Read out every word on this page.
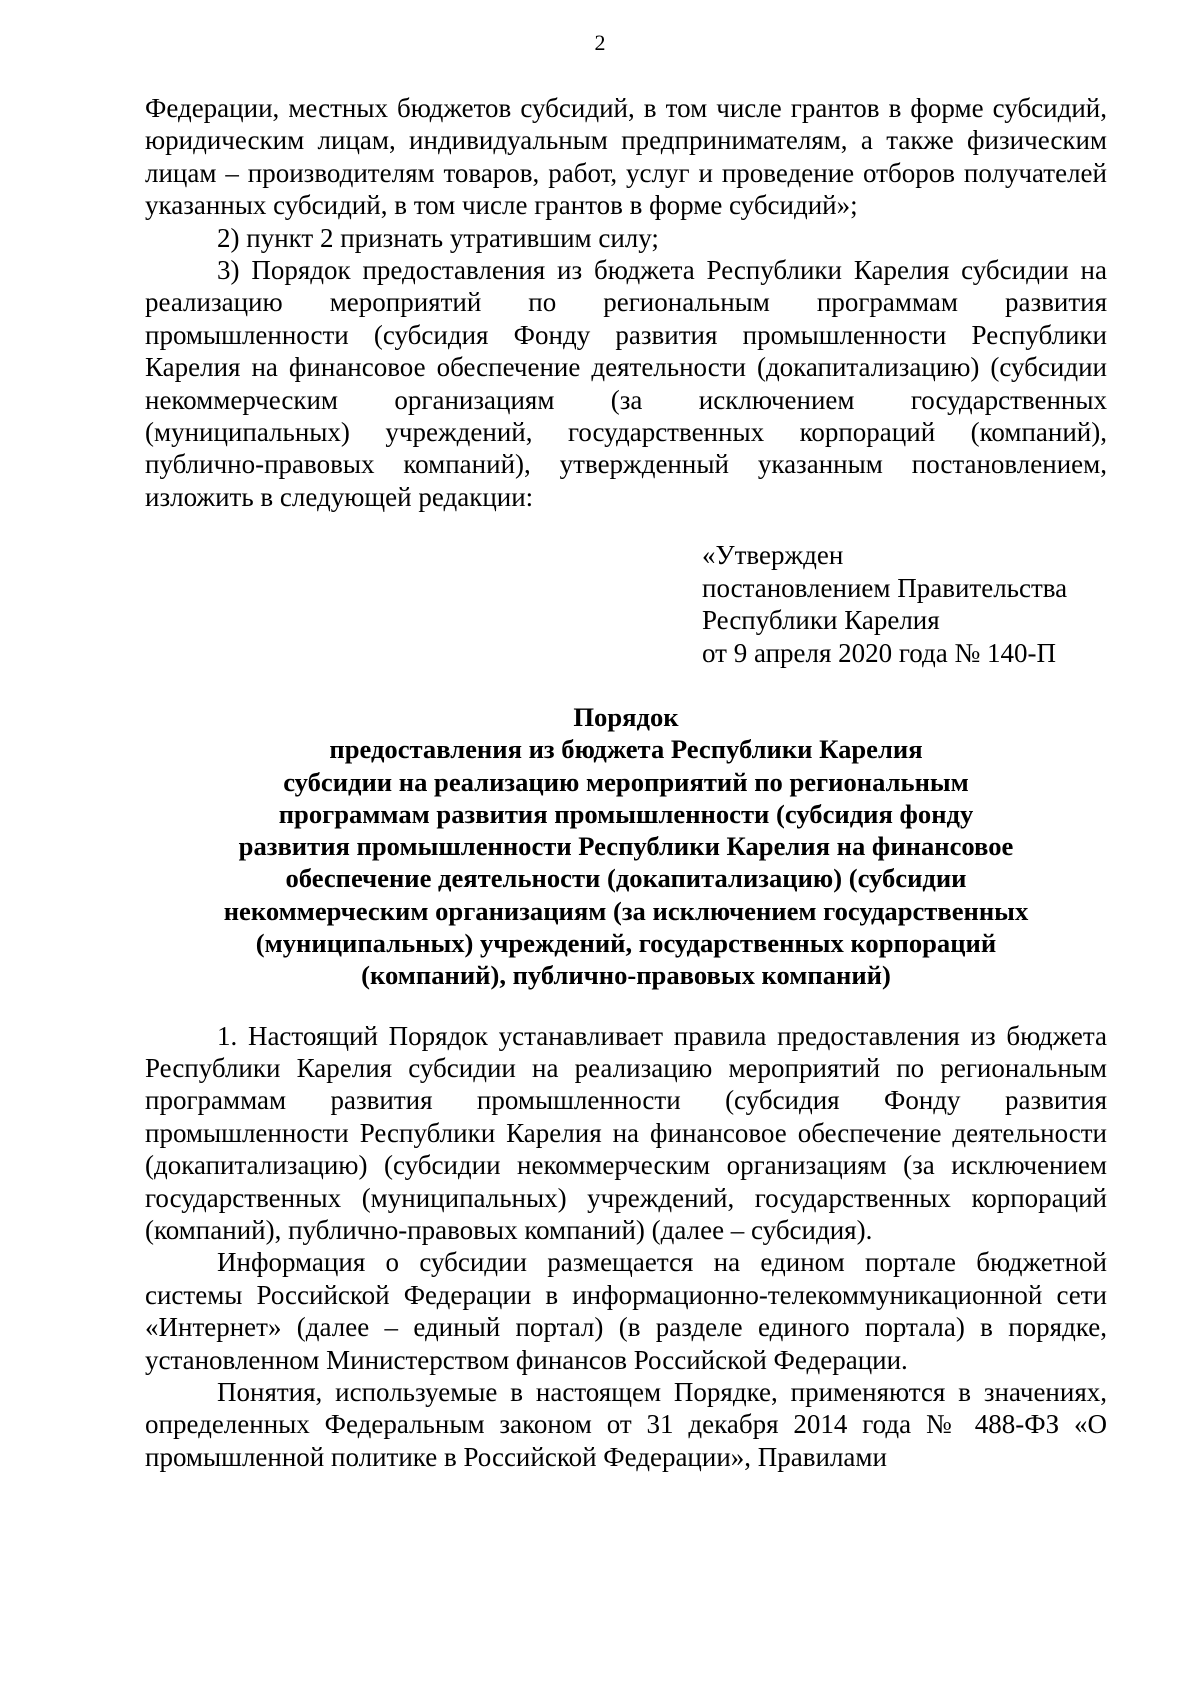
2

Федерации, местных бюджетов субсидий, в том числе грантов в форме субсидий, юридическим лицам, индивидуальным предпринимателям, а также физическим лицам – производителям товаров, работ, услуг и проведение отборов получателей указанных субсидий, в том числе грантов в форме субсидий»;

2) пункт 2 признать утратившим силу;

3) Порядок предоставления из бюджета Республики Карелия субсидии на реализацию мероприятий по региональным программам развития промышленности (субсидия Фонду развития промышленности Республики Карелия на финансовое обеспечение деятельности (докапитализацию) (субсидии некоммерческим организациям (за исключением государственных (муниципальных) учреждений, государственных корпораций (компаний), публично-правовых компаний), утвержденный указанным постановлением, изложить в следующей редакции:

«Утвержден
постановлением Правительства
Республики Карелия
от 9 апреля 2020 года № 140-П
Порядок
предоставления из бюджета Республики Карелия
субсидии на реализацию мероприятий по региональным
программам развития промышленности (субсидия фонду
развития промышленности Республики Карелия на финансовое
обеспечение деятельности (докапитализацию) (субсидии
некоммерческим организациям (за исключением государственных
(муниципальных) учреждений, государственных корпораций
(компаний), публично-правовых компаний)

1. Настоящий Порядок устанавливает правила предоставления из бюджета Республики Карелия субсидии на реализацию мероприятий по региональным программам развития промышленности (субсидия Фонду развития промышленности Республики Карелия на финансовое обеспечение деятельности (докапитализацию) (субсидии некоммерческим организациям (за исключением государственных (муниципальных) учреждений, государственных корпораций (компаний), публично-правовых компаний) (далее – субсидия).

Информация о субсидии размещается на едином портале бюджетной системы Российской Федерации в информационно-телекоммуникационной сети «Интернет» (далее – единый портал) (в разделе единого портала) в порядке, установленном Министерством финансов Российской Федерации.

Понятия, используемые в настоящем Порядке, применяются в значениях, определенных Федеральным законом от 31 декабря 2014 года № 488-ФЗ «О промышленной политике в Российской Федерации», Правилами
